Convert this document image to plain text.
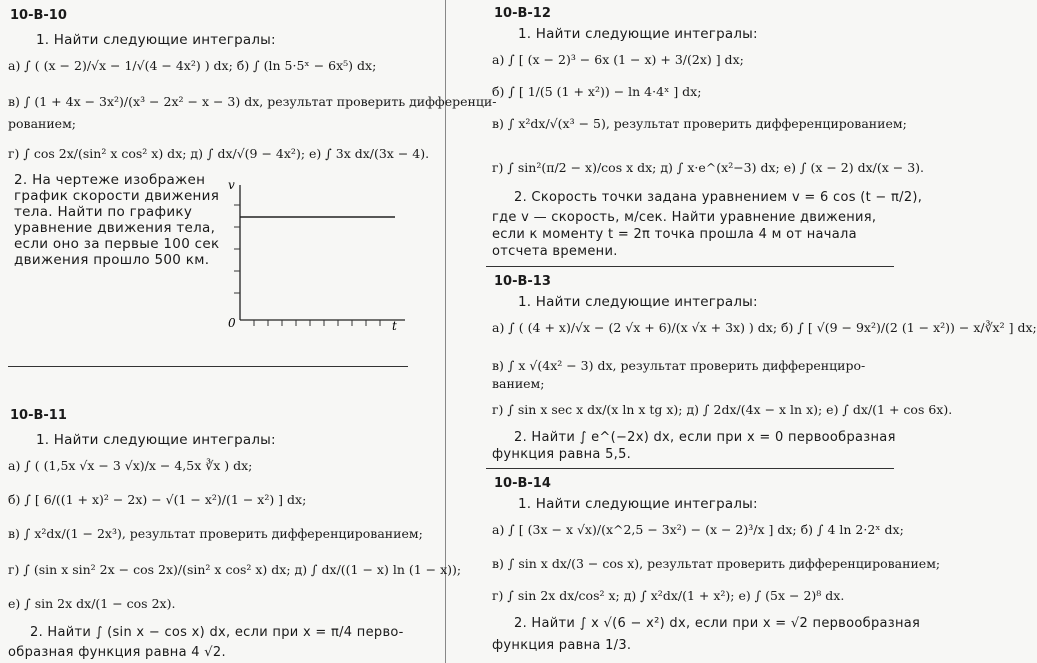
10-В-10
1. Найти следующие интегралы:
а) ∫ ( (x − 2)/√x − 1/√(4 − 4x²) ) dx; б) ∫ (ln 5·5ˣ − 6x⁵) dx;
в) ∫ (1 + 4x − 3x²)/(x³ − 2x² − x − 3) dx, результат проверить дифференци-
рованием;
г) ∫ cos 2x/(sin² x cos² x) dx; д) ∫ dx/√(9 − 4x²); е) ∫ 3x dx/(3x − 4).
2. На чертеже изображен
график скорости движения
тела. Найти по графику
уравнение движения тела,
если оно за первые 100 сек
движения прошло 500 км.
v
t
0
10-В-11
1. Найти следующие интегралы:
а) ∫ ( (1,5x √x − 3 √x)/x − 4,5x ∛x ) dx;
б) ∫ [ 6/((1 + x)² − 2x) − √(1 − x²)/(1 − x²) ] dx;
в) ∫ x²dx/(1 − 2x³), результат проверить дифференцированием;
г) ∫ (sin x sin² 2x − cos 2x)/(sin² x cos² x) dx; д) ∫ dx/((1 − x) ln (1 − x));
е) ∫ sin 2x dx/(1 − cos 2x).
2. Найти ∫ (sin x − cos x) dx, если при x = π/4 перво-
образная функция равна 4 √2.
10-В-12
1. Найти следующие интегралы:
а) ∫ [ (x − 2)³ − 6x (1 − x) + 3/(2x) ] dx;
б) ∫ [ 1/(5 (1 + x²)) − ln 4·4ˣ ] dx;
в) ∫ x²dx/√(x³ − 5), результат проверить дифференцированием;
г) ∫ sin²(π/2 − x)/cos x dx; д) ∫ x·e^(x²−3) dx; е) ∫ (x − 2) dx/(x − 3).
2. Скорость точки задана уравнением v = 6 cos (t − π/2),
где v — скорость, м/сек. Найти уравнение движения,
если к моменту t = 2π точка прошла 4 м от начала
отсчета времени.
10-В-13
1. Найти следующие интегралы:
а) ∫ ( (4 + x)/√x − (2 √x + 6)/(x √x + 3x) ) dx; б) ∫ [ √(9 − 9x²)/(2 (1 − x²)) − x/∛x² ] dx;
в) ∫ x √(4x² − 3) dx, результат проверить дифференциро-
ванием;
г) ∫ sin x sec x dx/(x ln x tg x); д) ∫ 2dx/(4x − x ln x); е) ∫ dx/(1 + cos 6x).
2. Найти ∫ e^(−2x) dx, если при x = 0 первообразная
функция равна 5,5.
10-В-14
1. Найти следующие интегралы:
а) ∫ [ (3x − x √x)/(x^2,5 − 3x²) − (x − 2)³/x ] dx; б) ∫ 4 ln 2·2ˣ dx;
в) ∫ sin x dx/(3 − cos x), результат проверить дифференцированием;
г) ∫ sin 2x dx/cos² x; д) ∫ x²dx/(1 + x²); е) ∫ (5x − 2)⁸ dx.
2. Найти ∫ x √(6 − x²) dx, если при x = √2 первообразная
функция равна 1/3.
